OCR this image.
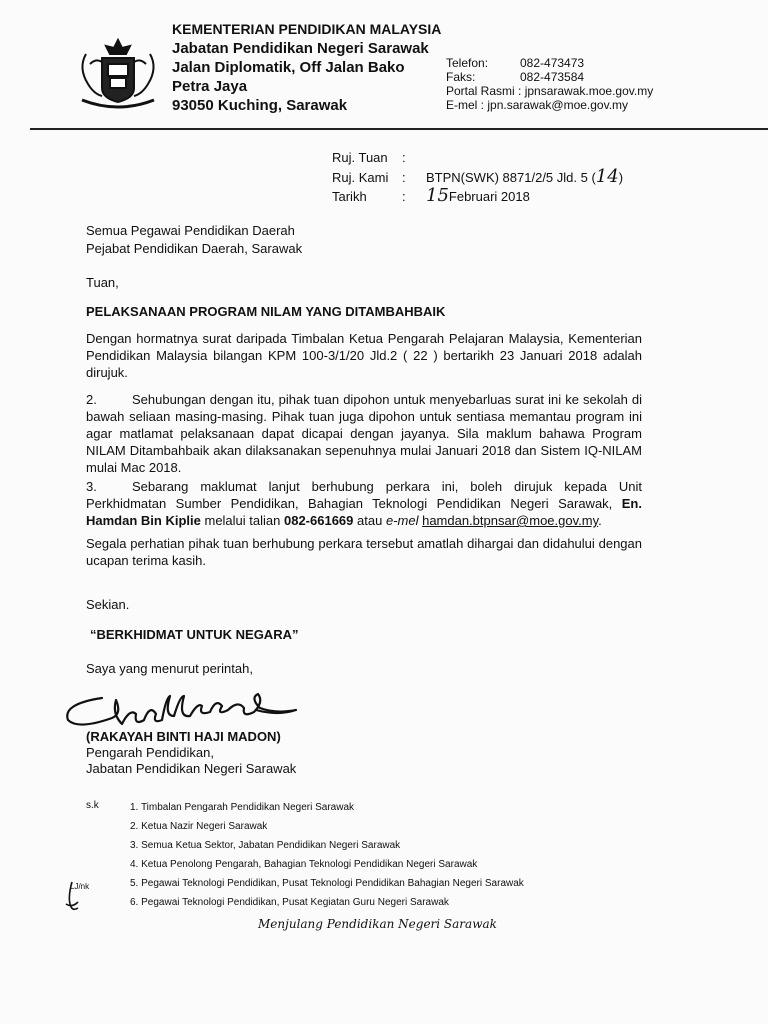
KEMENTERIAN PENDIDIKAN MALAYSIA
Jabatan Pendidikan Negeri Sarawak
Jalan Diplomatik, Off Jalan Bako
Petra Jaya
93050 Kuching, Sarawak
Telefon:	082-473473
Faks:	082-473584
Portal Rasmi : jpnsarawak.moe.gov.my
E-mel : jpn.sarawak@moe.gov.my
Ruj. Tuan :
Ruj. Kami : BTPN(SWK) 8871/2/5 Jld. 5 (14)
Tarikh	: 15Februari 2018
Semua Pegawai Pendidikan Daerah
Pejabat Pendidikan Daerah, Sarawak
Tuan,
PELAKSANAAN PROGRAM NILAM YANG DITAMBAHBAIK
Dengan hormatnya surat daripada Timbalan Ketua Pengarah Pelajaran Malaysia, Kementerian Pendidikan Malaysia bilangan KPM 100-3/1/20 Jld.2 ( 22 ) bertarikh 23 Januari 2018 adalah dirujuk.
2.	Sehubungan dengan itu, pihak tuan dipohon untuk menyebarluas surat ini ke sekolah di bawah seliaan masing-masing. Pihak tuan juga dipohon untuk sentiasa memantau program ini agar matlamat pelaksanaan dapat dicapai dengan jayanya. Sila maklum bahawa Program NILAM Ditambahbaik akan dilaksanakan sepenuhnya mulai Januari 2018 dan Sistem IQ-NILAM mulai Mac 2018.
3.	Sebarang maklumat lanjut berhubung perkara ini, boleh dirujuk kepada Unit Perkhidmatan Sumber Pendidikan, Bahagian Teknologi Pendidikan Negeri Sarawak, En. Hamdan Bin Kiplie melalui talian 082-661669 atau e-mel hamdan.btpnsar@moe.gov.my.
Segala perhatian pihak tuan berhubung perkara tersebut amatlah dihargai dan didahului dengan ucapan terima kasih.
Sekian.
“BERKHIDMAT UNTUK NEGARA”
Saya yang menurut perintah,
(RAKAYAH BINTI HAJI MADON)
Pengarah Pendidikan,
Jabatan Pendidikan Negeri Sarawak
s.k	1. Timbalan Pengarah Pendidikan Negeri Sarawak
2. Ketua Nazir Negeri Sarawak
3. Semua Ketua Sektor, Jabatan Pendidikan Negeri Sarawak
4. Ketua Penolong Pengarah, Bahagian Teknologi Pendidikan Negeri Sarawak
5. Pegawai Teknologi Pendidikan, Pusat Teknologi Pendidikan Bahagian Negeri Sarawak
6. Pegawai Teknologi Pendidikan, Pusat Kegiatan Guru Negeri Sarawak
LJ/nk
Menjulang Pendidikan Negeri Sarawak
